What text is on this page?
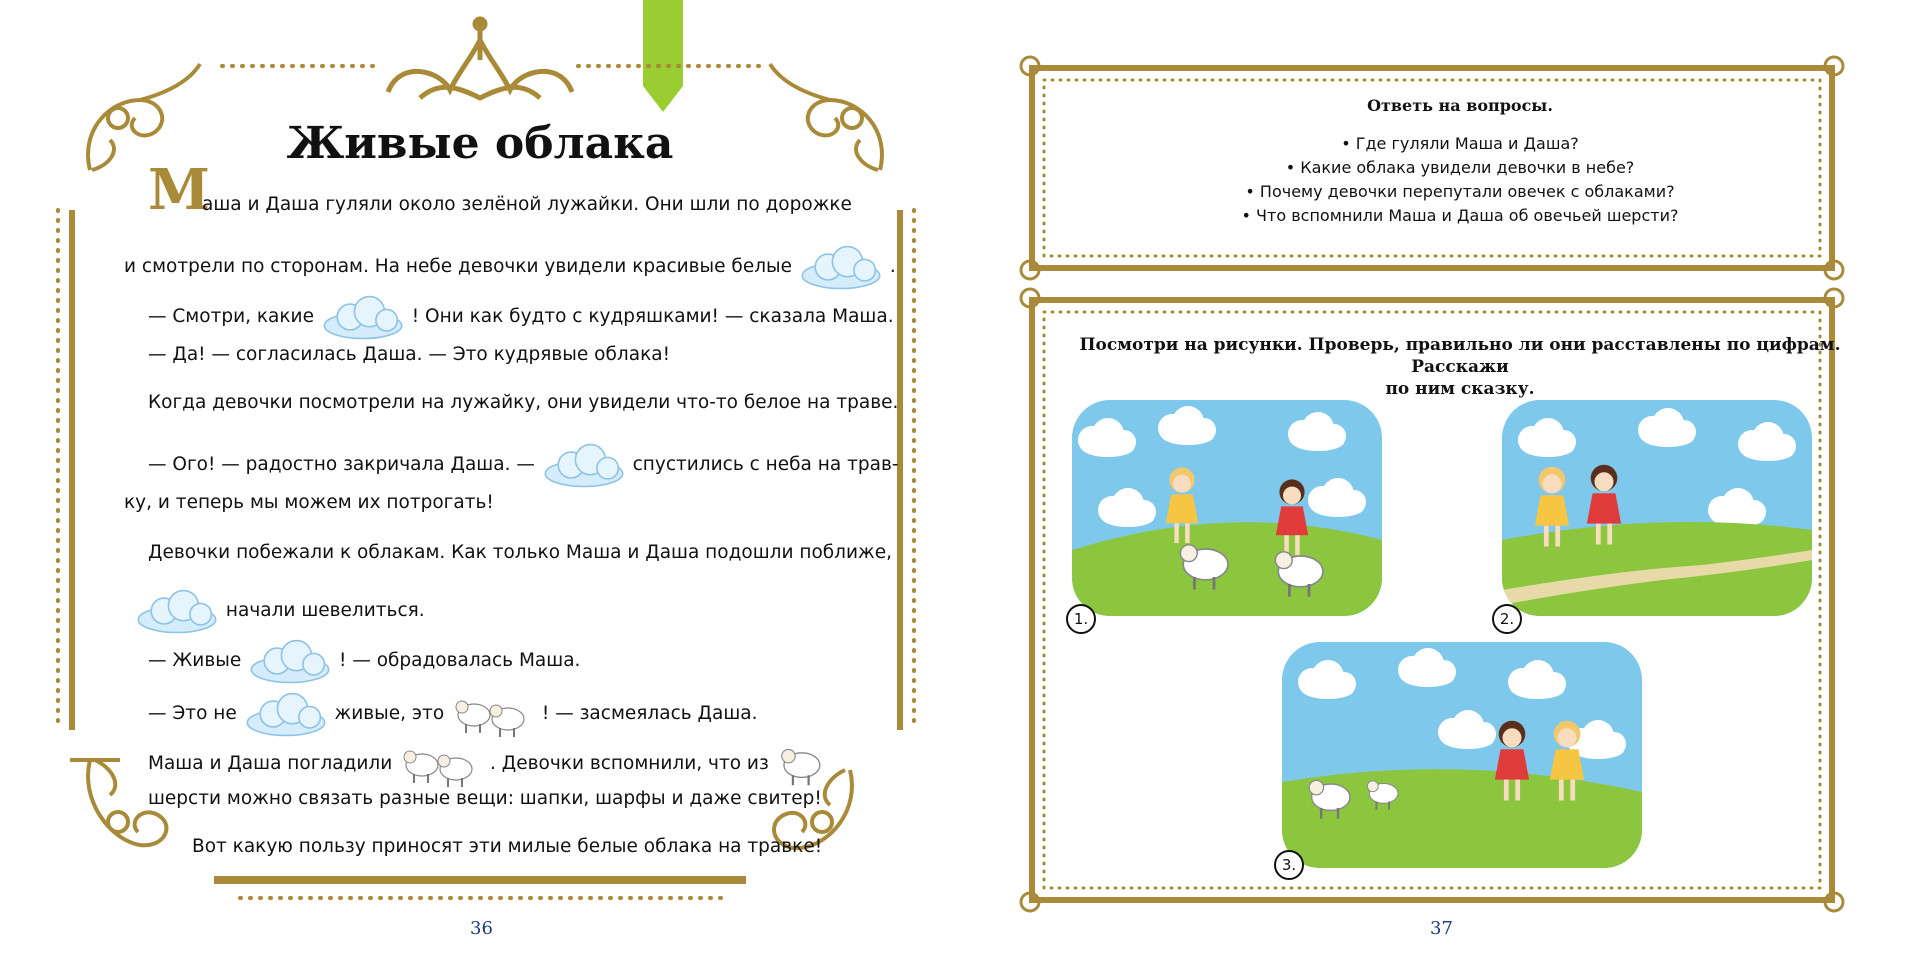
Живые облака
М
аша и Даша гуляли около зелёной лужайки. Они шли по дорожке
и смотрели по сторонам. На небе девочки увидели красивые белые	.
— Смотри, какие	! Они как будто с кудряшками! — сказала Маша.
— Да! — согласилась Даша. — Это кудрявые облака!
Когда девочки посмотрели на лужайку, они увидели что-то белое на траве.
— Ого! — радостно закричала Даша. —	спустились с неба на трав-
ку, и теперь мы можем их потрогать!
Девочки побежали к облакам. Как только Маша и Даша подошли поближе,
начали шевелиться.
— Живые	! — обрадовалась Маша.
— Это не	живые, это	! — засмеялась Даша.
Маша и Даша погладили	. Девочки вспомнили, что из
шерсти можно связать разные вещи: шапки, шарфы и даже свитер!
Вот какую пользу приносят эти милые белые облака на травке!
36
Ответь на вопросы.
• Где гуляли Маша и Даша?
• Какие облака увидели девочки в небе?
• Почему девочки перепутали овечек с облаками?
• Что вспомнили Маша и Даша об овечьей шерсти?
Посмотри на рисунки. Проверь, правильно ли они расставлены по цифрам. Расскажи
по ним сказку.
1.	2.
3.
37
